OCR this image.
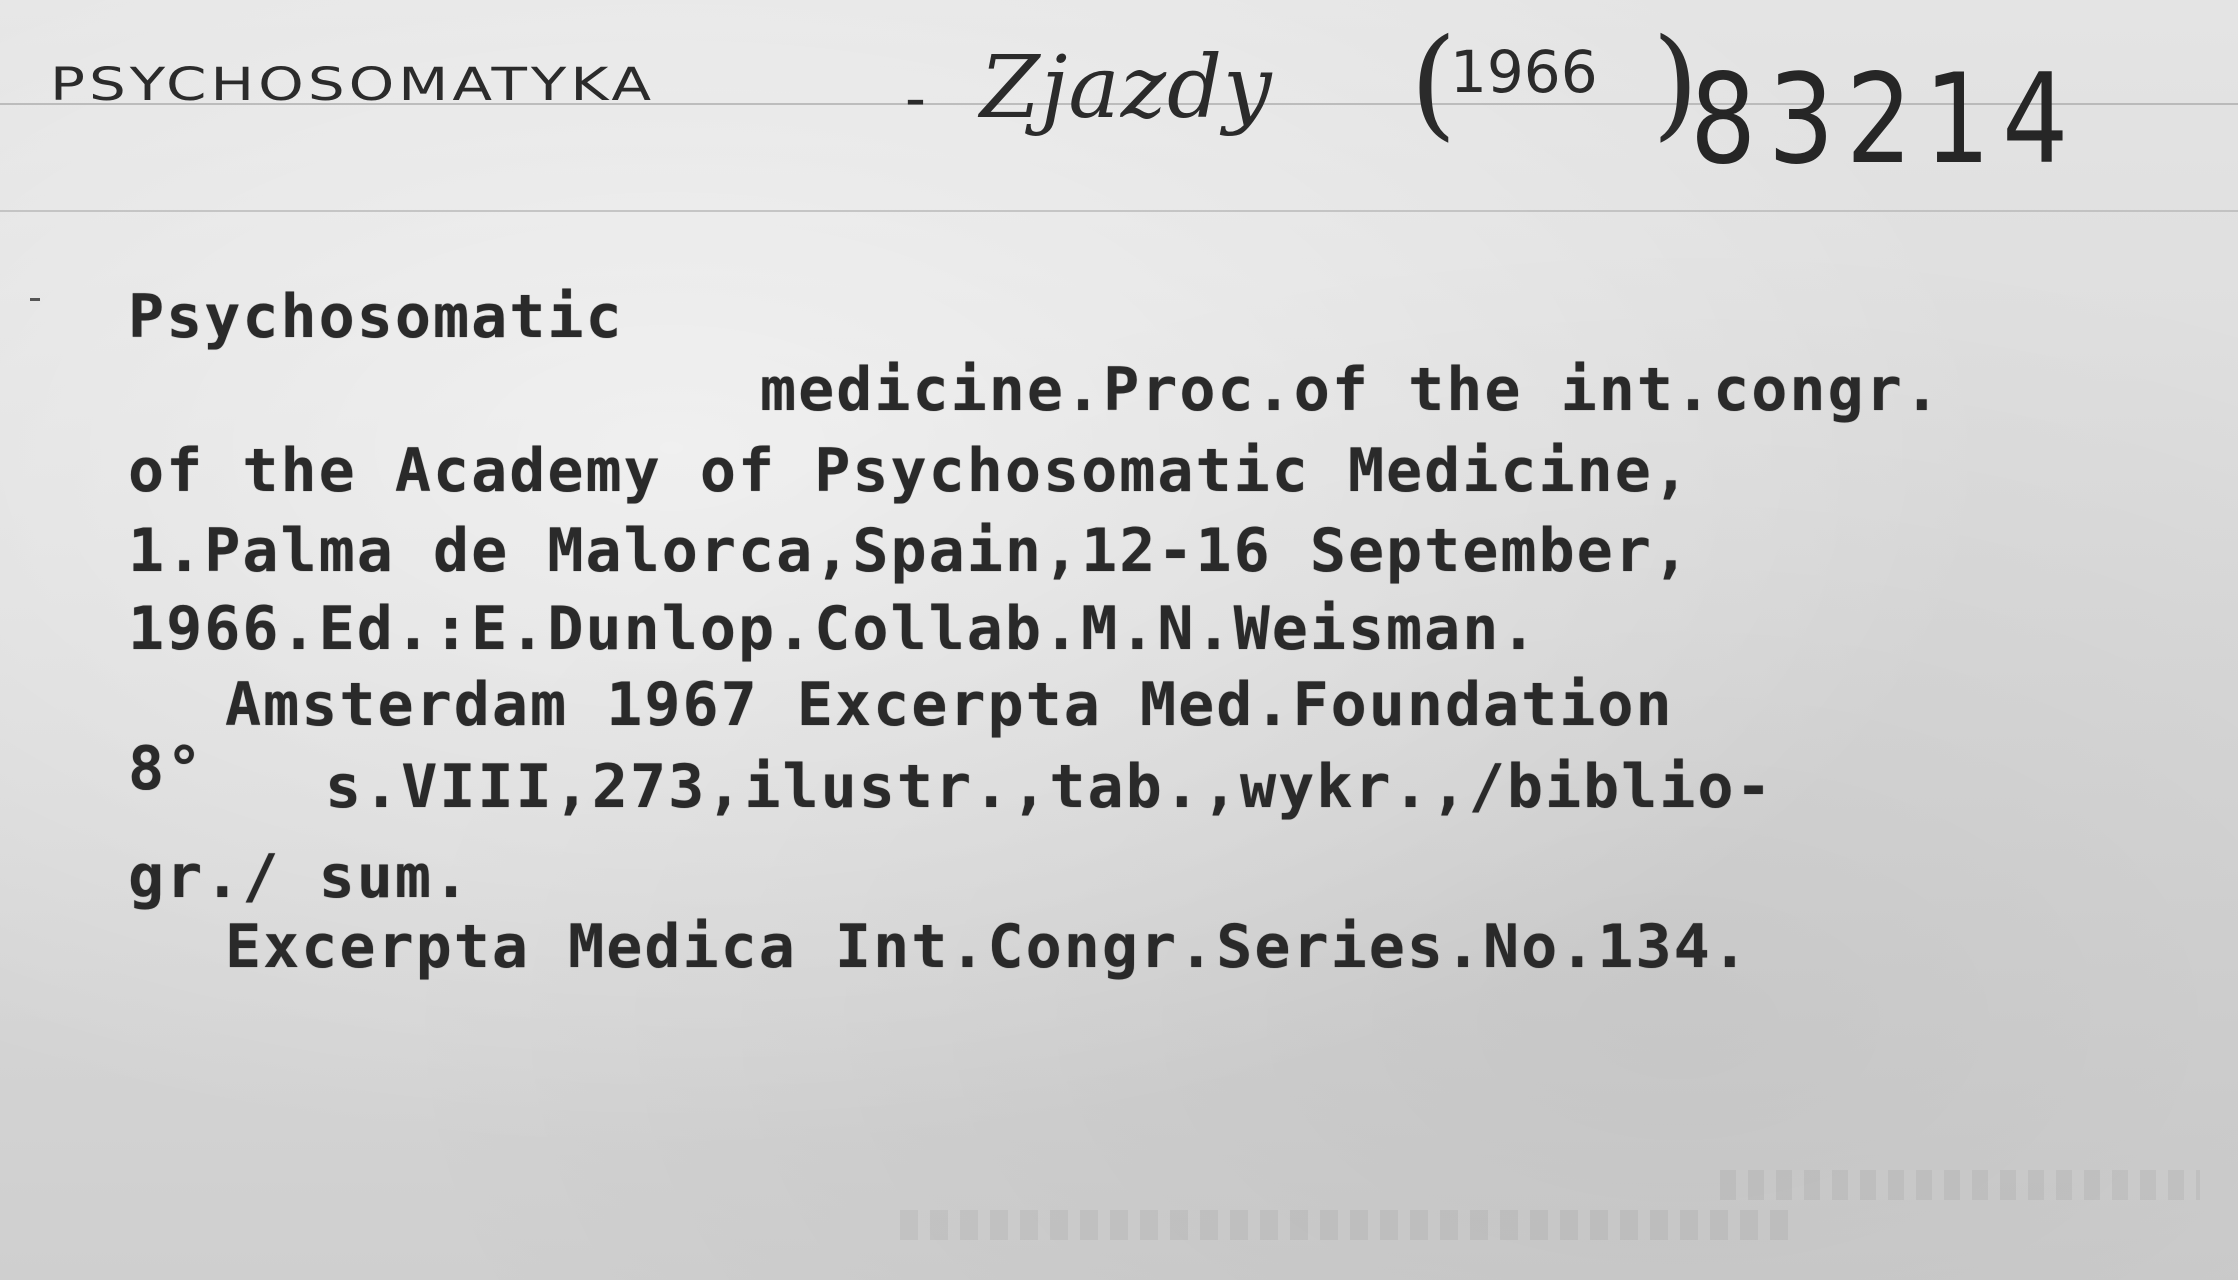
PSYCHOSOMATYKA	- Zjazdy (
1966 )
83214
Psychosomatic
medicine.Proc.of the int.congr.
of the Academy of Psychosomatic Medicine,
1.Palma de Malorca,Spain,12-16 September,
1966.Ed.:E.Dunlop.Collab.M.N.Weisman.
Amsterdam 1967 Excerpta Med.Foundation
8° s.VIII,273,ilustr.,tab.,wykr.,/biblio-
gr./ sum.
Excerpta Medica Int.Congr.Series.No.134.
